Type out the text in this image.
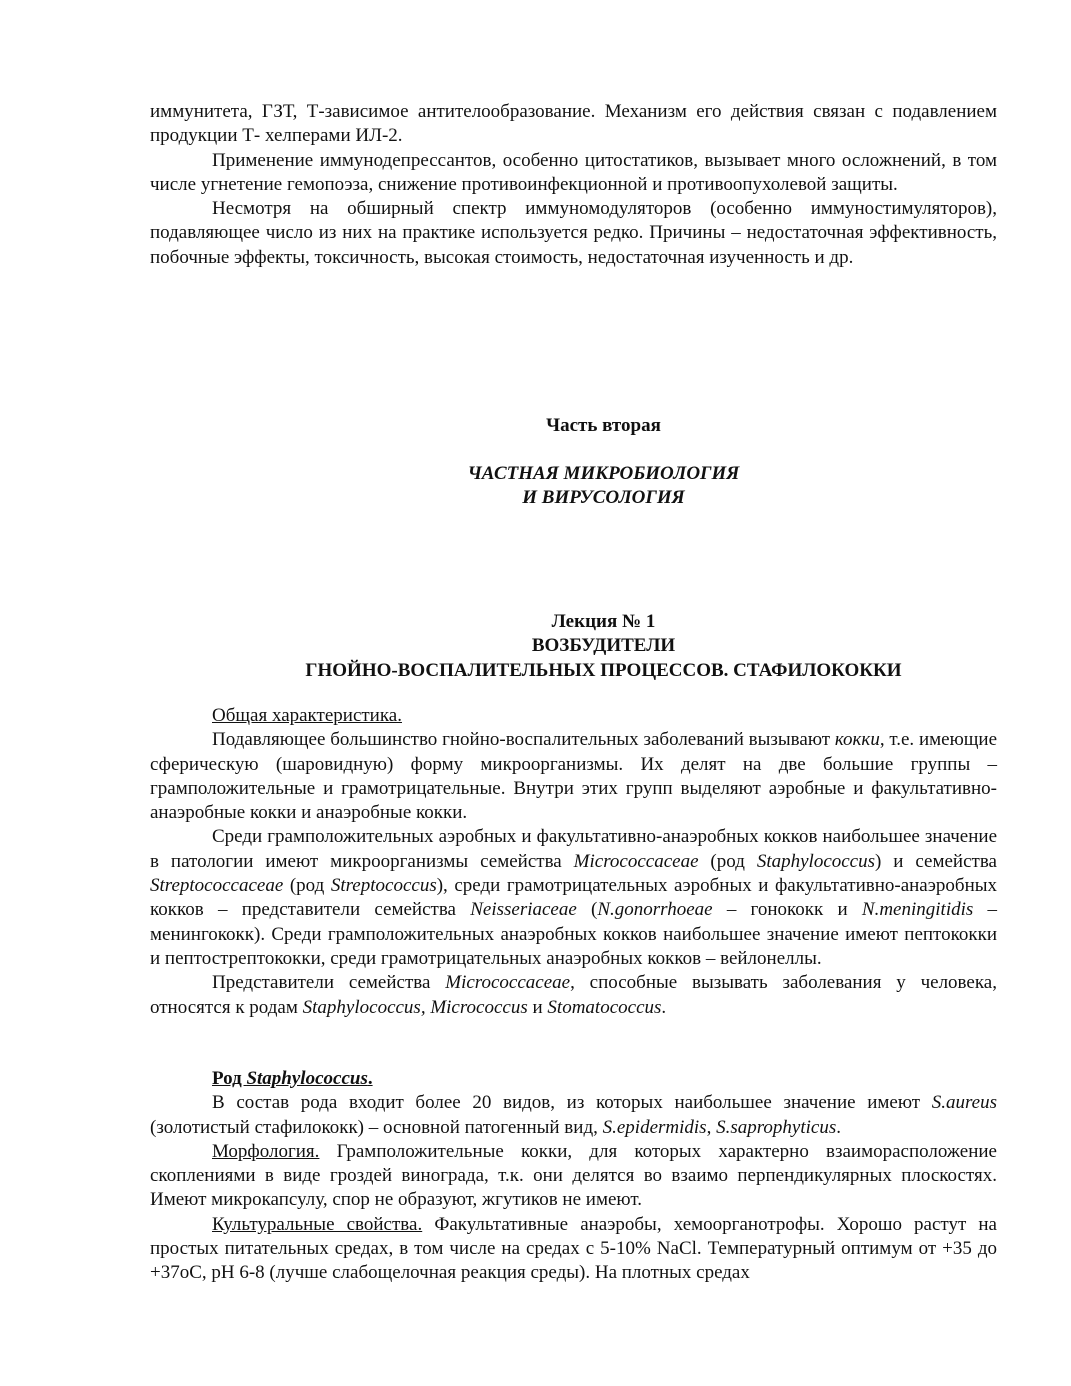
иммунитета, ГЗТ, Т-зависимое антителообразование. Механизм его действия связан с подавлением продукции Т- хелперами ИЛ-2.

Применение иммунодепрессантов, особенно цитостатиков, вызывает много осложнений, в том числе угнетение гемопоэза, снижение противоинфекционной и противоопухолевой защиты.

Несмотря на обширный спектр иммуномодуляторов (особенно иммуностимуляторов), подавляющее число из них на практике используется редко. Причины – недостаточная эффективность, побочные эффекты, токсичность, высокая стоимость, недостаточная изученность и др.

Часть вторая
ЧАСТНАЯ МИКРОБИОЛОГИЯ
И ВИРУСОЛОГИЯ
Лекция № 1
ВОЗБУДИТЕЛИ
ГНОЙНО-ВОСПАЛИТЕЛЬНЫХ ПРОЦЕССОВ. СТАФИЛОКОККИ

Общая характеристика.

Подавляющее большинство гнойно-воспалительных заболеваний вызывают кокки, т.е. имеющие сферическую (шаровидную) форму микроорганизмы. Их делят на две большие группы – грамположительные и грамотрицательные. Внутри этих групп выделяют аэробные и факультативно-анаэробные кокки и анаэробные кокки.

Среди грамположительных аэробных и факультативно-анаэробных кокков наибольшее значение в патологии имеют микроорганизмы семейства Micrococcaceae (род Staphylococcus) и семейства Streptococcaceae (род Streptococcus), среди грамотрицательных аэробных и факультативно-анаэробных кокков – представители семейства Neisseriaceae (N.gonorrhoeae – гонококк и N.meningitidis – менингококк). Среди грамположительных анаэробных кокков наибольшее значение имеют пептококки и пептострептококки, среди грамотрицательных анаэробных кокков – вейлонеллы.

Представители семейства Micrococcaceae, способные вызывать заболевания у человека, относятся к родам Staphylococcus, Micrococcus и Stomatococcus.

Род Staphylococcus.

В состав рода входит более 20 видов, из которых наибольшее значение имеют S.aureus (золотистый стафилококк) – основной патогенный вид, S.epidermidis, S.saprophyticus.

Морфология. Грамположительные кокки, для которых характерно взаиморасположение скоплениями в виде гроздей винограда, т.к. они делятся во взаимо перпендикулярных плоскостях. Имеют микрокапсулу, спор не образуют, жгутиков не имеют.

Культуральные свойства. Факультативные анаэробы, хемоорганотрофы. Хорошо растут на простых питательных средах, в том числе на средах с 5-10% NaCl. Температурный оптимум от +35 до +37оС, рН 6-8 (лучше слабощелочная реакция среды). На плотных средах
